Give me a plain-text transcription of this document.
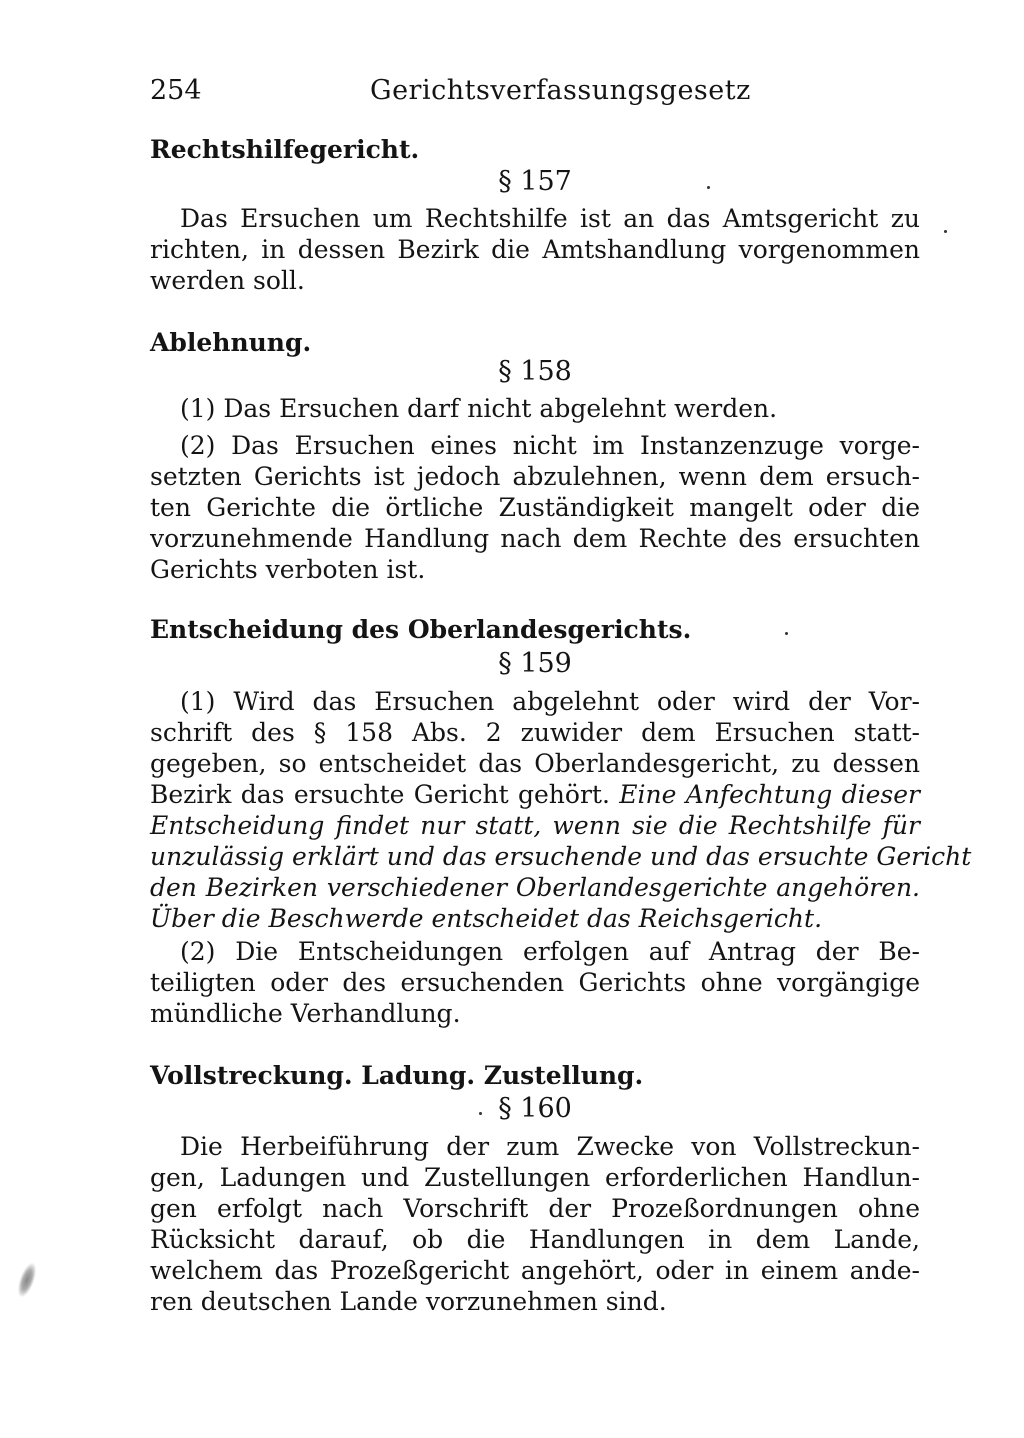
254	Gerichtsverfassungsgesetz
Rechtshilfegericht.
§ 157
Das Ersuchen um Rechtshilfe ist an das Amtsgericht zu
richten, in dessen Bezirk die Amtshandlung vorgenommen
werden soll.
Ablehnung.
§ 158
(1) Das Ersuchen darf nicht abgelehnt werden.
(2) Das Ersuchen eines nicht im Instanzenzuge vorge-
setzten Gerichts ist jedoch abzulehnen, wenn dem ersuch-
ten Gerichte die örtliche Zuständigkeit mangelt oder die
vorzunehmende Handlung nach dem Rechte des ersuchten
Gerichts verboten ist.
Entscheidung des Oberlandesgerichts.
§ 159
(1) Wird das Ersuchen abgelehnt oder wird der Vor-
schrift des § 158 Abs. 2 zuwider dem Ersuchen statt-
gegeben, so entscheidet das Oberlandesgericht, zu dessen
Bezirk das ersuchte Gericht gehört. Eine Anfechtung dieser
Entscheidung findet nur statt, wenn sie die Rechtshilfe für
unzulässig erklärt und das ersuchende und das ersuchte Gericht
den Bezirken verschiedener Oberlandesgerichte angehören.
Über die Beschwerde entscheidet das Reichsgericht.
(2) Die Entscheidungen erfolgen auf Antrag der Be-
teiligten oder des ersuchenden Gerichts ohne vorgängige
mündliche Verhandlung.
Vollstreckung. Ladung. Zustellung.
§ 160
Die Herbeiführung der zum Zwecke von Vollstreckun-
gen, Ladungen und Zustellungen erforderlichen Handlun-
gen erfolgt nach Vorschrift der Prozeßordnungen ohne
Rücksicht darauf, ob die Handlungen in dem Lande,
welchem das Prozeßgericht angehört, oder in einem ande-
ren deutschen Lande vorzunehmen sind.
